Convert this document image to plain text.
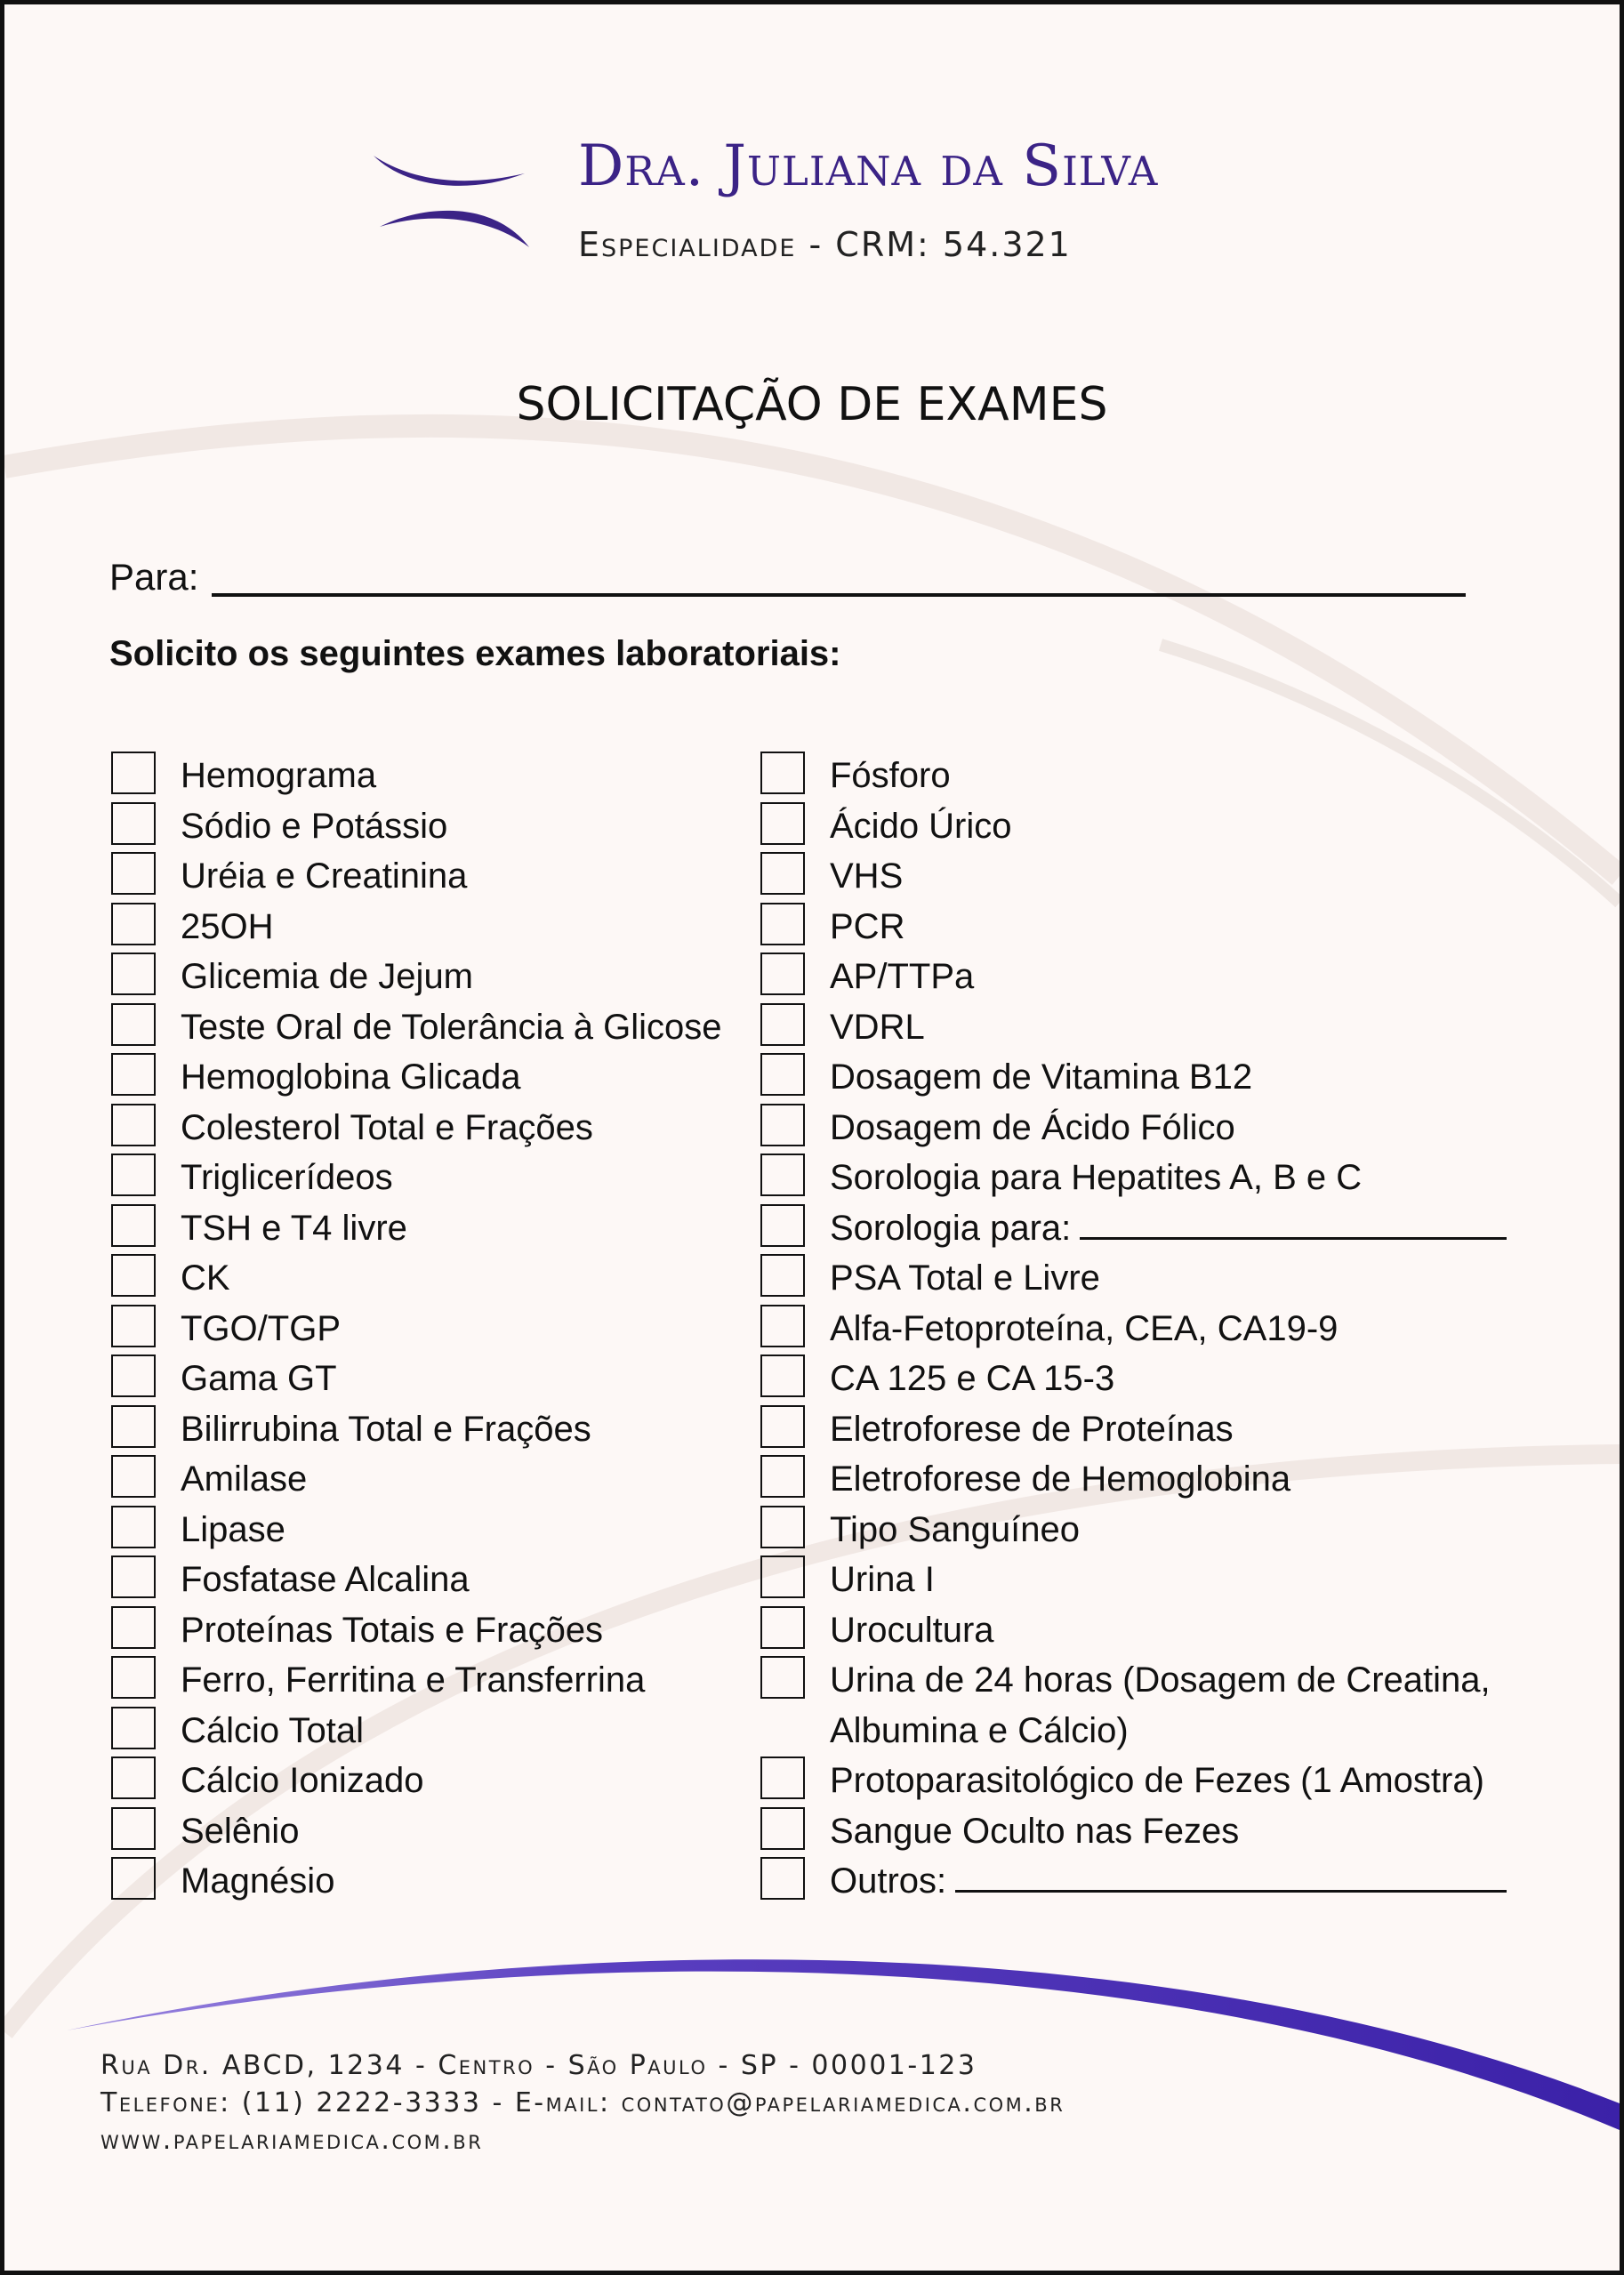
Dra. Juliana da Silva
Especialidade - CRM: 54.321
SOLICITAÇÃO DE EXAMES
Para:
Solicito os seguintes exames laboratoriais:
Hemograma
Sódio e Potássio
Uréia e Creatinina
25OH
Glicemia de Jejum
Teste Oral de Tolerância à Glicose
Hemoglobina Glicada
Colesterol Total e Frações
Triglicerídeos
TSH e T4 livre
CK
TGO/TGP
Gama GT
Bilirrubina Total e Frações
Amilase
Lipase
Fosfatase Alcalina
Proteínas Totais e Frações
Ferro, Ferritina e Transferrina
Cálcio Total
Cálcio Ionizado
Selênio
Magnésio
Fósforo
Ácido Úrico
VHS
PCR
AP/TTPa
VDRL
Dosagem de Vitamina B12
Dosagem de Ácido Fólico
Sorologia para Hepatites A, B e C
Sorologia para:
PSA Total e Livre
Alfa-Fetoproteína, CEA, CA19-9
CA 125 e CA 15-3
Eletroforese de Proteínas
Eletroforese de Hemoglobina
Tipo Sanguíneo
Urina I
Urocultura
Urina de 24 horas (Dosagem de Creatina,
Albumina e Cálcio)
Protoparasitológico de Fezes (1 Amostra)
Sangue Oculto nas Fezes
Outros:
Rua Dr. ABCD, 1234 - Centro - São Paulo - SP - 00001-123
Telefone: (11) 2222-3333 - E-mail: contato@papelariamedica.com.br
www.papelariamedica.com.br
